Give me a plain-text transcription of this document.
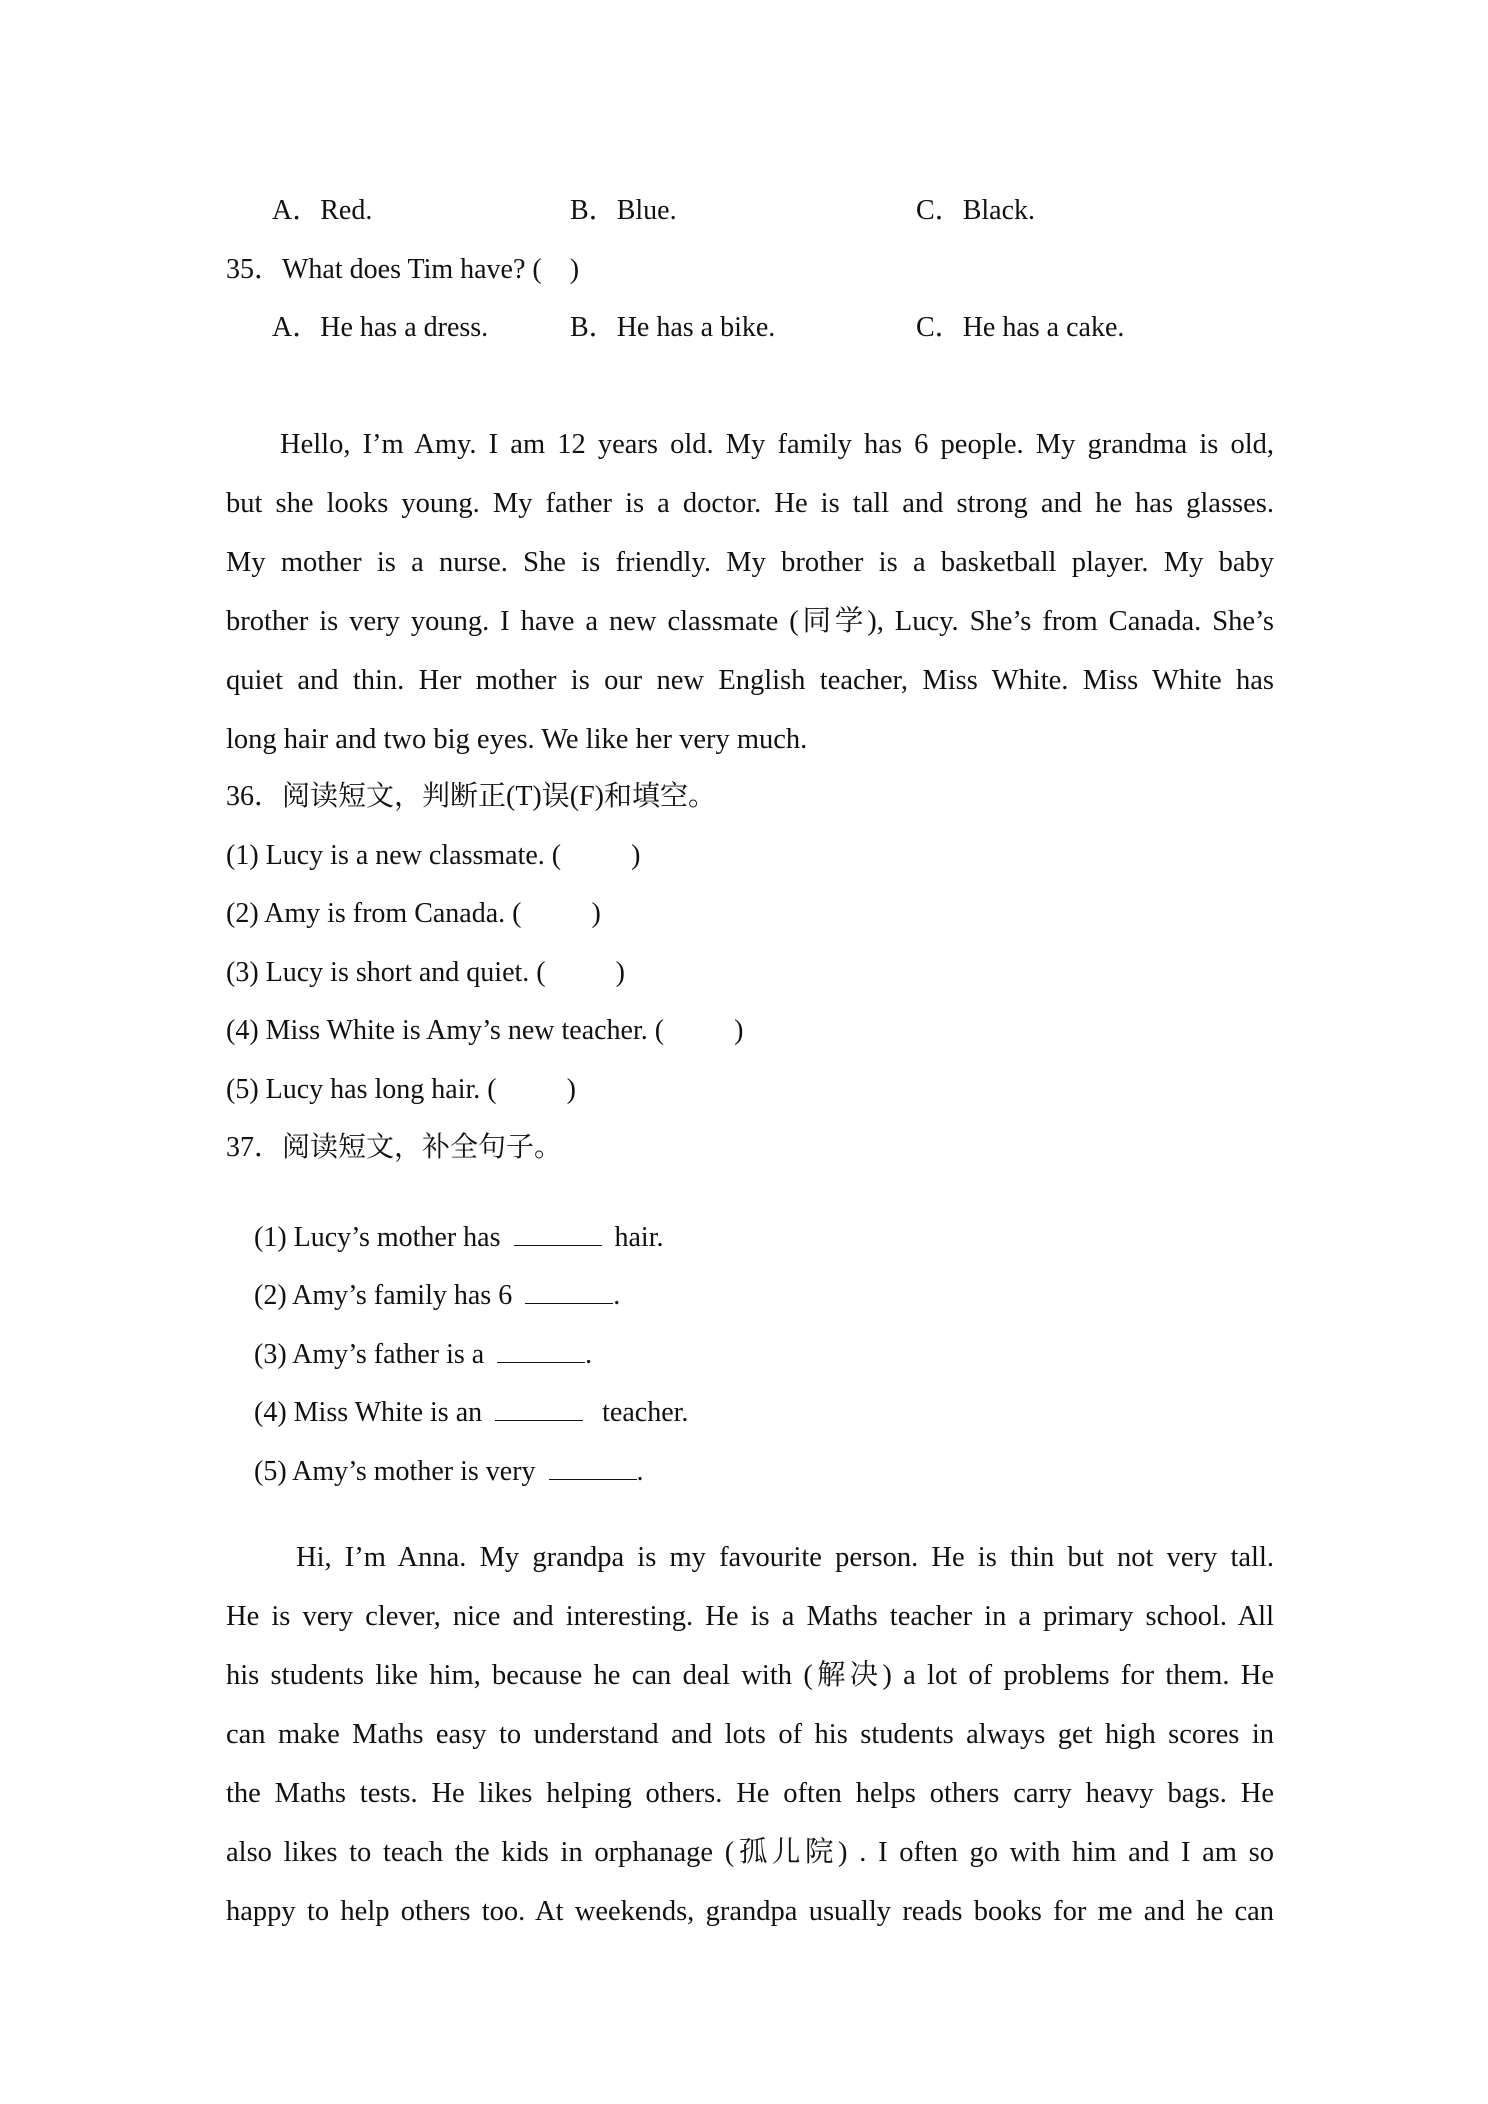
A．Red.	B．Blue.	C．Black.
35．What does Tim have? (    )
A．He has a dress.	B．He has a bike.	C．He has a cake.
Hello, I’m Amy. I am 12 years old. My family has 6 people. My grandma is old,
but she looks young. My father is a doctor. He is tall and strong and he has glasses.
My mother is a nurse. She is friendly. My brother is a basketball player. My baby
brother is very young. I have a new classmate (同学), Lucy. She’s from Canada. She’s
quiet and thin. Her mother is our new English teacher, Miss White. Miss White has
long hair and two big eyes. We like her very much.
36．阅读短文，判断正(T)误(F)和填空。
(1) Lucy is a new classmate. (          )
(2) Amy is from Canada. (          )
(3) Lucy is short and quiet. (          )
(4) Miss White is Amy’s new teacher. (          )
(5) Lucy has long hair. (          )
37．阅读短文，补全句子。

(1) Lucy’s mother has	hair.

(2) Amy’s family has 6	.

(3) Amy’s father is a	.

(4) Miss White is an	teacher.

(5) Amy’s mother is very	.

Hi, I’m Anna. My grandpa is my favourite person. He is thin but not very tall.
He is very clever, nice and interesting. He is a Maths teacher in a primary school. All
his students like him, because he can deal with (解决) a lot of problems for them. He
can make Maths easy to understand and lots of his students always get high scores in
the Maths tests. He likes helping others. He often helps others carry heavy bags. He
also likes to teach the kids in orphanage (孤儿院) . I often go with him and I am so
happy to help others too. At weekends, grandpa usually reads books for me and he can
